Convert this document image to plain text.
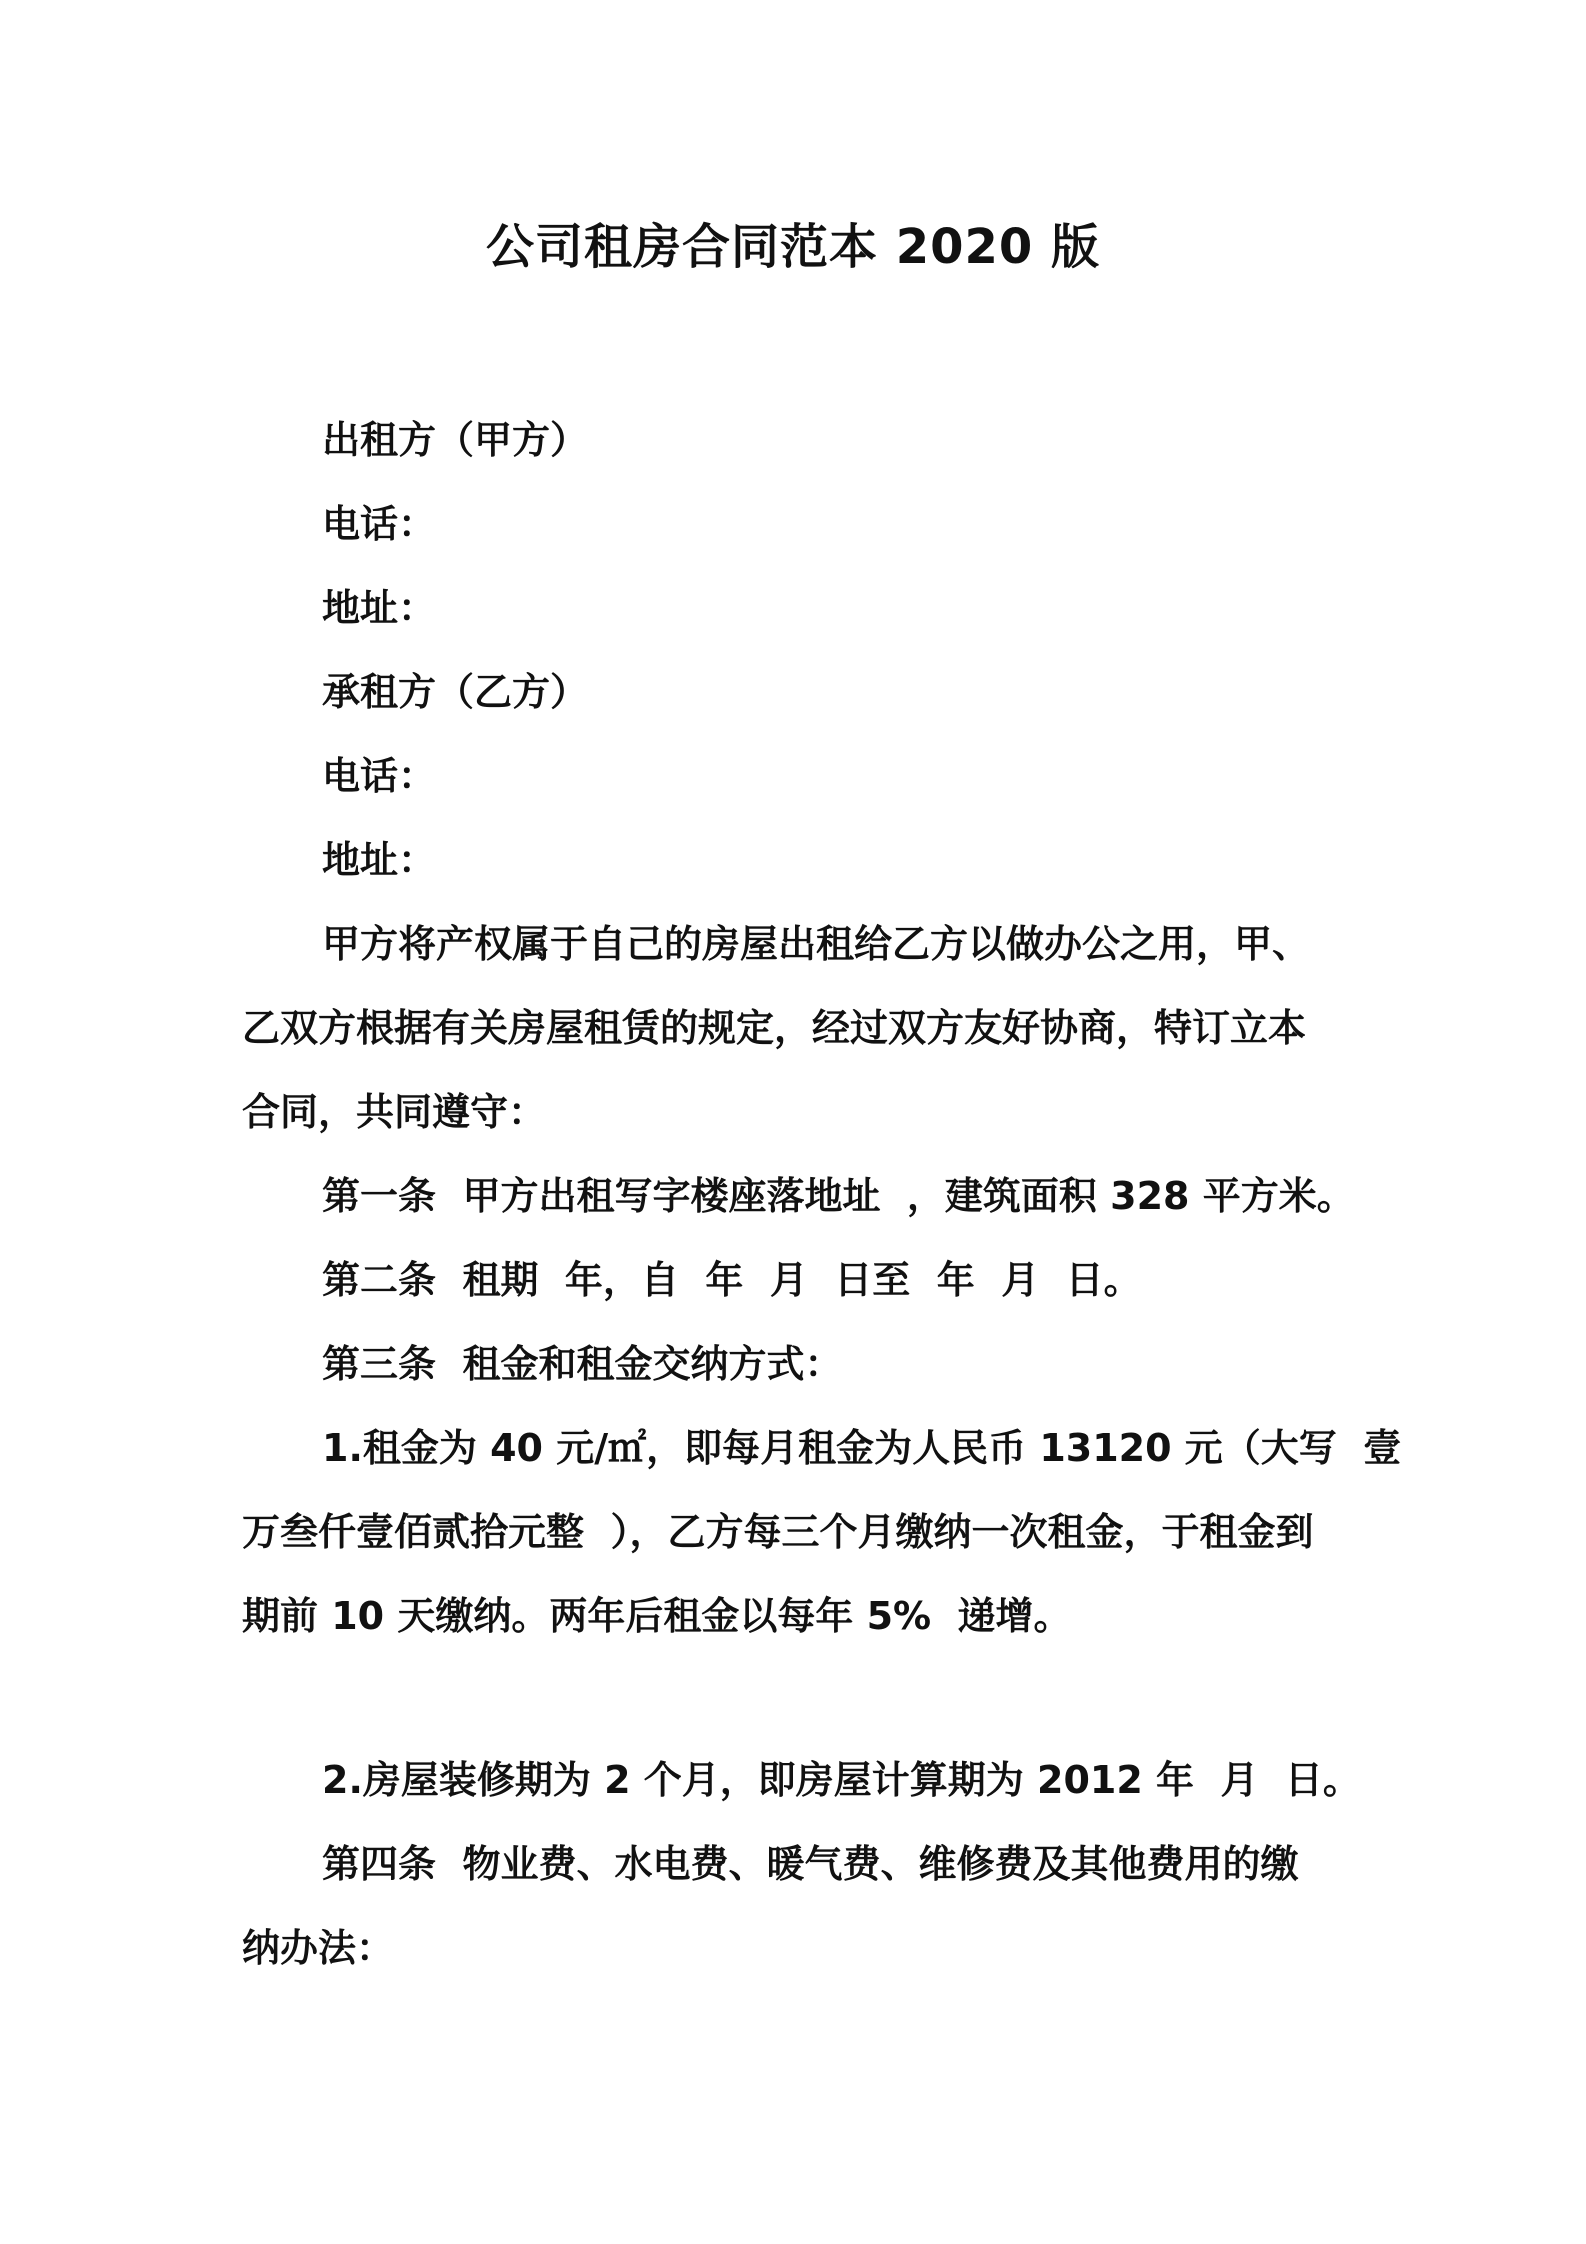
公司租房合同范本 2020 版
出租方（甲方）
电话：
地址：
承租方（乙方）
电话：
地址：
甲方将产权属于自己的房屋出租给乙方以做办公之用，甲、
乙双方根据有关房屋租赁的规定，经过双方友好协商，特订立本
合同，共同遵守：
第一条  甲方出租写字楼座落地址  ，建筑面积 328 平方米。
第二条  租期  年，自  年  月  日至  年  月  日。
第三条  租金和租金交纳方式：
1.租金为 40 元/㎡，即每月租金为人民币 13120 元（大写  壹
万叁仟壹佰贰拾元整  ），乙方每三个月缴纳一次租金，于租金到
期前 10 天缴纳。两年后租金以每年 5%  递增。
2.房屋装修期为 2 个月，即房屋计算期为 2012 年  月  日。
第四条  物业费、水电费、暖气费、维修费及其他费用的缴
纳办法：
